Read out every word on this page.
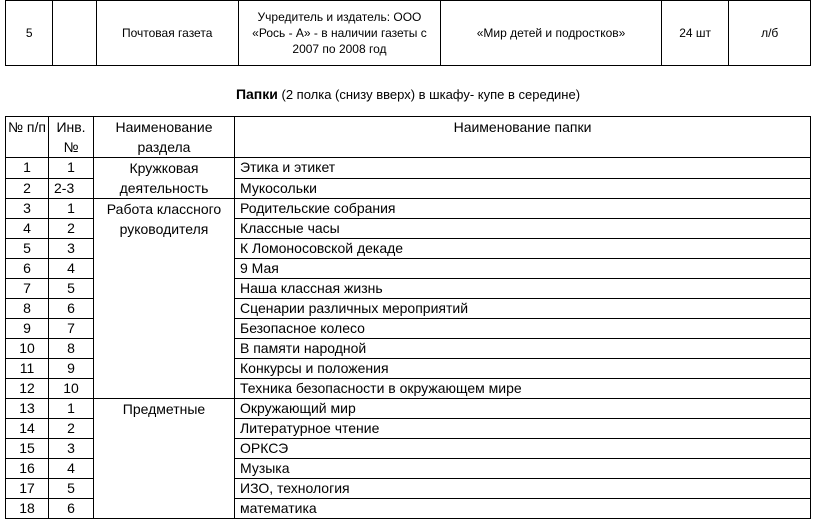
5		Почтовая газета	Учредитель и издатель: ООО «Рось - А» - в наличии газеты с 2007 по 2008 год	«Мир детей и подростков»	24 шт	л/б
Папки (2 полка (снизу вверх) в шкафу- купе в середине)
№ п/п	Инв. №	Наименование раздела	Наименование папки
1	1	Кружковая деятельность	Этика и этикет
2	2-3		Мукосольки
3	1	Работа классного руководителя	Родительские собрания
4	2		Классные часы
5	3		К Ломоносовской декаде
6	4		9 Мая
7	5		Наша классная жизнь
8	6		Сценарии различных мероприятий
9	7		Безопасное колесо
10	8		В памяти народной
11	9		Конкурсы и положения
12	10		Техника безопасности в окружающем мире
13	1	Предметные	Окружающий мир
14	2		Литературное чтение
15	3		ОРКСЭ
16	4		Музыка
17	5		ИЗО, технология
18	6		математика
